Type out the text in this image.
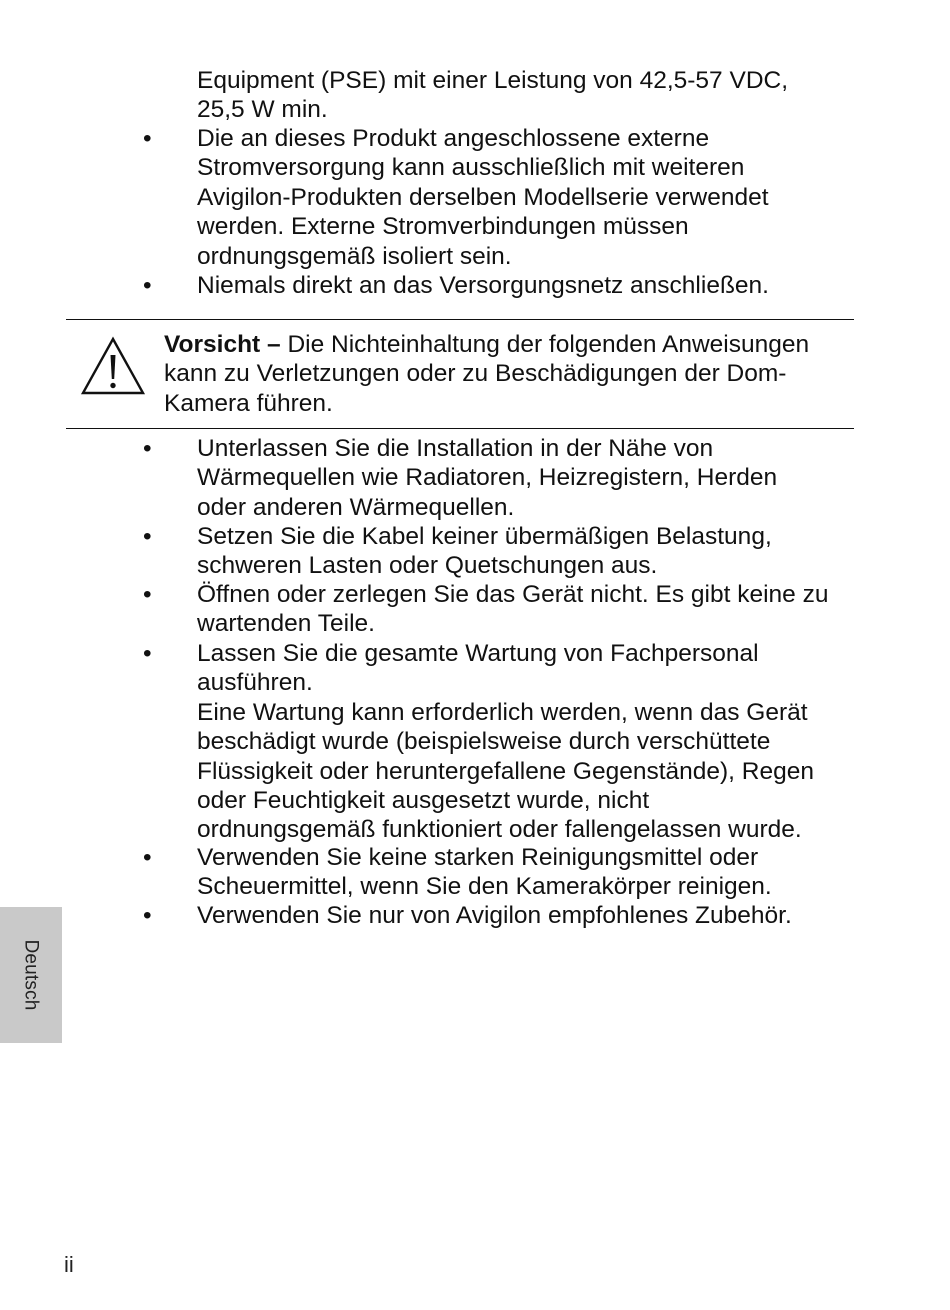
Equipment (PSE) mit einer Leistung von 42,5-57 VDC,
25,5 W min.
• Die an dieses Produkt angeschlossene externe
Stromversorgung kann ausschließlich mit weiteren
Avigilon-Produkten derselben Modellserie verwendet
werden. Externe Stromverbindungen müssen
ordnungsgemäß isoliert sein.
• Niemals direkt an das Versorgungsnetz anschließen.
Vorsicht – Die Nichteinhaltung der folgenden Anweisungen
kann zu Verletzungen oder zu Beschädigungen der Dom-
Kamera führen.
• Unterlassen Sie die Installation in der Nähe von
Wärmequellen wie Radiatoren, Heizregistern, Herden
oder anderen Wärmequellen.
• Setzen Sie die Kabel keiner übermäßigen Belastung,
schweren Lasten oder Quetschungen aus.
• Öffnen oder zerlegen Sie das Gerät nicht. Es gibt keine zu
wartenden Teile.
• Lassen Sie die gesamte Wartung von Fachpersonal
ausführen.
Eine Wartung kann erforderlich werden, wenn das Gerät
beschädigt wurde (beispielsweise durch verschüttete
Flüssigkeit oder heruntergefallene Gegenstände), Regen
oder Feuchtigkeit ausgesetzt wurde, nicht
ordnungsgemäß funktioniert oder fallengelassen wurde.
• Verwenden Sie keine starken Reinigungsmittel oder
Scheuermittel, wenn Sie den Kamerakörper reinigen.
• Verwenden Sie nur von Avigilon empfohlenes Zubehör.
Deutsch
ii
